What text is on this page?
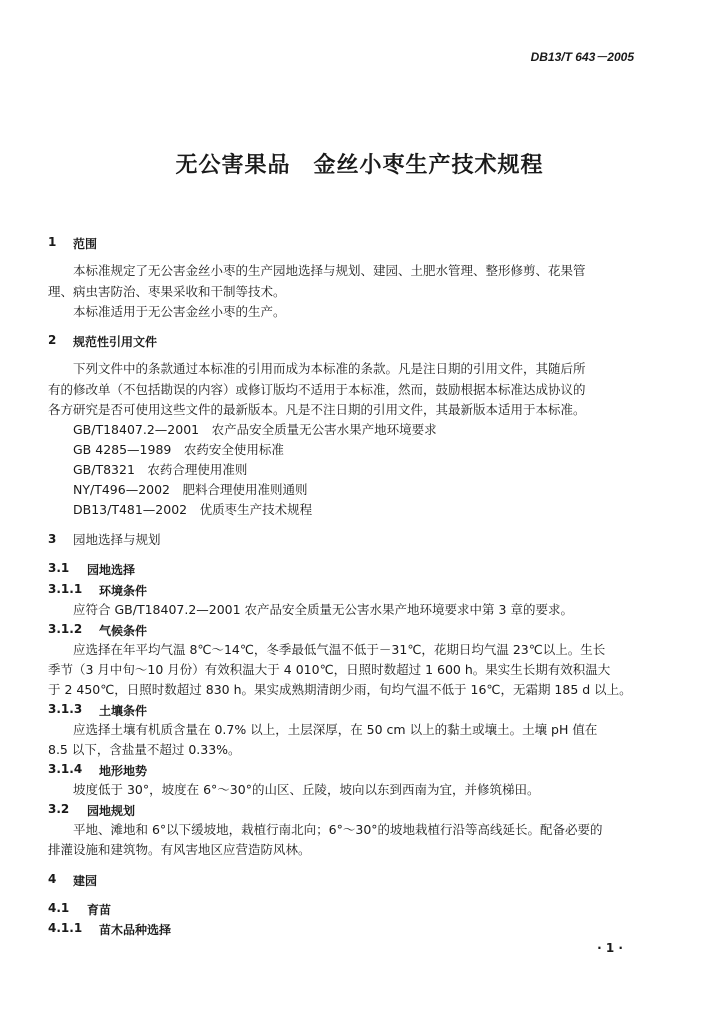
DB13/T 643－2005
无公害果品　金丝小枣生产技术规程
1 范围
本标准规定了无公害金丝小枣的生产园地选择与规划、建园、土肥水管理、整形修剪、花果管
理、病虫害防治、枣果采收和干制等技术。
本标准适用于无公害金丝小枣的生产。
2 规范性引用文件
下列文件中的条款通过本标准的引用而成为本标准的条款。凡是注日期的引用文件，其随后所
有的修改单（不包括勘误的内容）或修订版均不适用于本标准，然而，鼓励根据本标准达成协议的
各方研究是否可使用这些文件的最新版本。凡是不注日期的引用文件，其最新版本适用于本标准。
GB/T18407.2—2001　农产品安全质量无公害水果产地环境要求
GB 4285—1989　农药安全使用标准
GB/T8321　农药合理使用准则
NY/T496—2002　肥料合理使用准则通则
DB13/T481—2002　优质枣生产技术规程
3 园地选择与规划
3.1 园地选择
3.1.1 环境条件
应符合 GB/T18407.2—2001 农产品安全质量无公害水果产地环境要求中第 3 章的要求。
3.1.2 气候条件
应选择在年平均气温 8℃～14℃，冬季最低气温不低于－31℃，花期日均气温 23℃以上。生长
季节（3 月中旬～10 月份）有效积温大于 4 010℃，日照时数超过 1 600 h。果实生长期有效积温大
于 2 450℃，日照时数超过 830 h。果实成熟期清朗少雨，旬均气温不低于 16℃，无霜期 185 d 以上。
3.1.3 土壤条件
应选择土壤有机质含量在 0.7% 以上，土层深厚，在 50 cm 以上的黏土或壤土。土壤 pH 值在
8.5 以下，含盐量不超过 0.33%。
3.1.4 地形地势
坡度低于 30°，坡度在 6°～30°的山区、丘陵，坡向以东到西南为宜，并修筑梯田。
3.2 园地规划
平地、滩地和 6°以下缓坡地，栽植行南北向；6°～30°的坡地栽植行沿等高线延长。配备必要的
排灌设施和建筑物。有风害地区应营造防风林。
4 建园
4.1 育苗
4.1.1 苗木品种选择
· 1 ·
